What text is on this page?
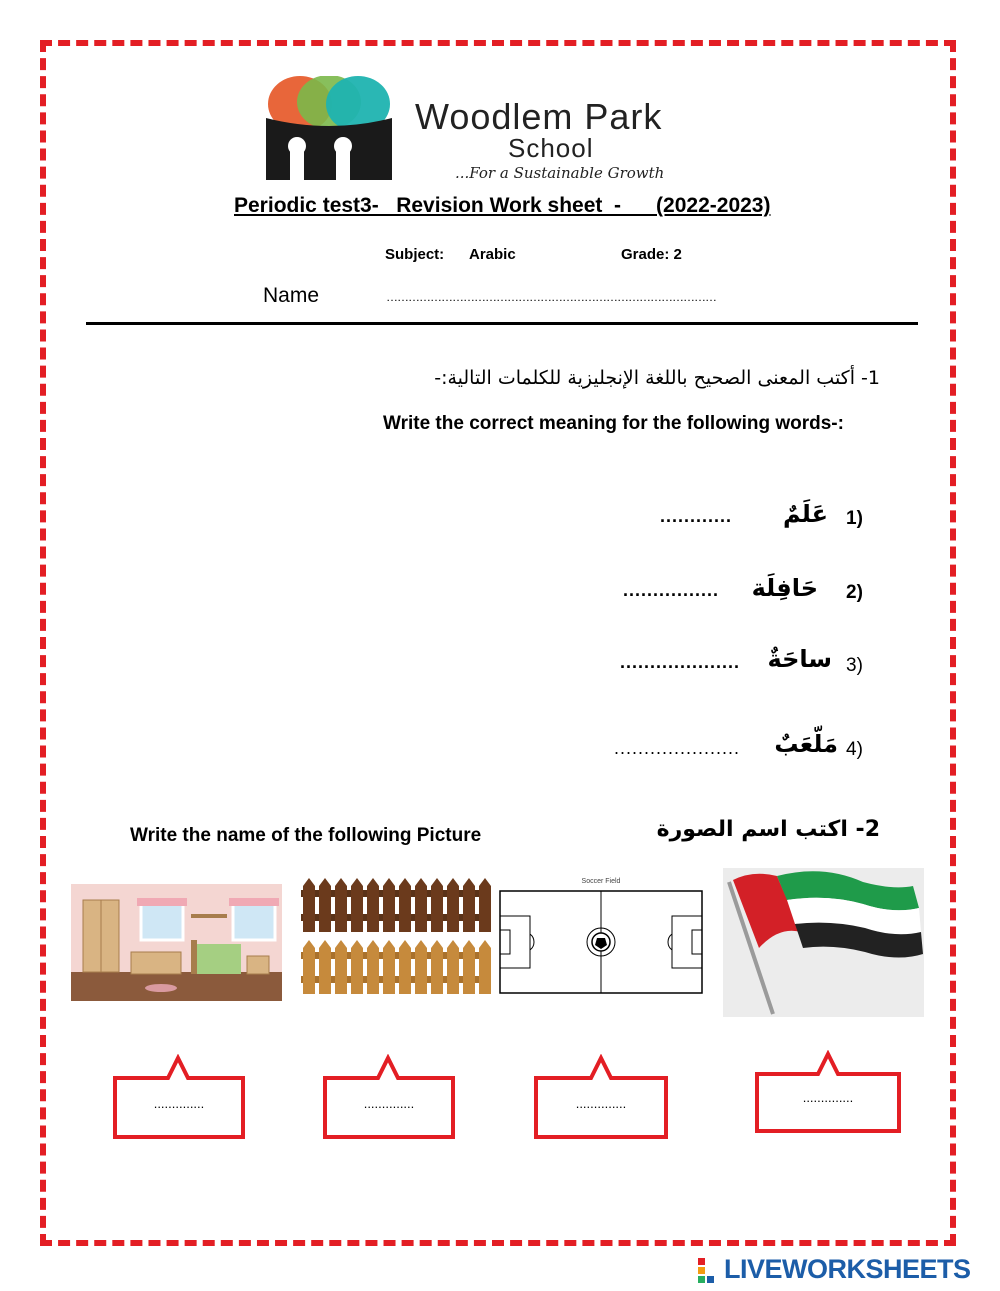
Woodlem Park
School
...For a Sustainable Growth
Periodic test3-   Revision Work sheet  -      (2022-2023)
Subject: Arabic	Grade: 2
Name	………………………………………………………………………………
1- أكتب المعنى الصحيح باللغة الإنجليزية للكلمات التالية:-
Write the correct meaning for the following words-:
1)
عَلَمٌ
............
2)
حَافِلَة
................
3)
ساحَةٌ
....................
4)
مَلّعَبٌ
.....................
Write the name of the following Picture	2- اكتب اسم الصورة
Soccer Field
..............	..............	..............	..............
LIVEWORKSHEETS
